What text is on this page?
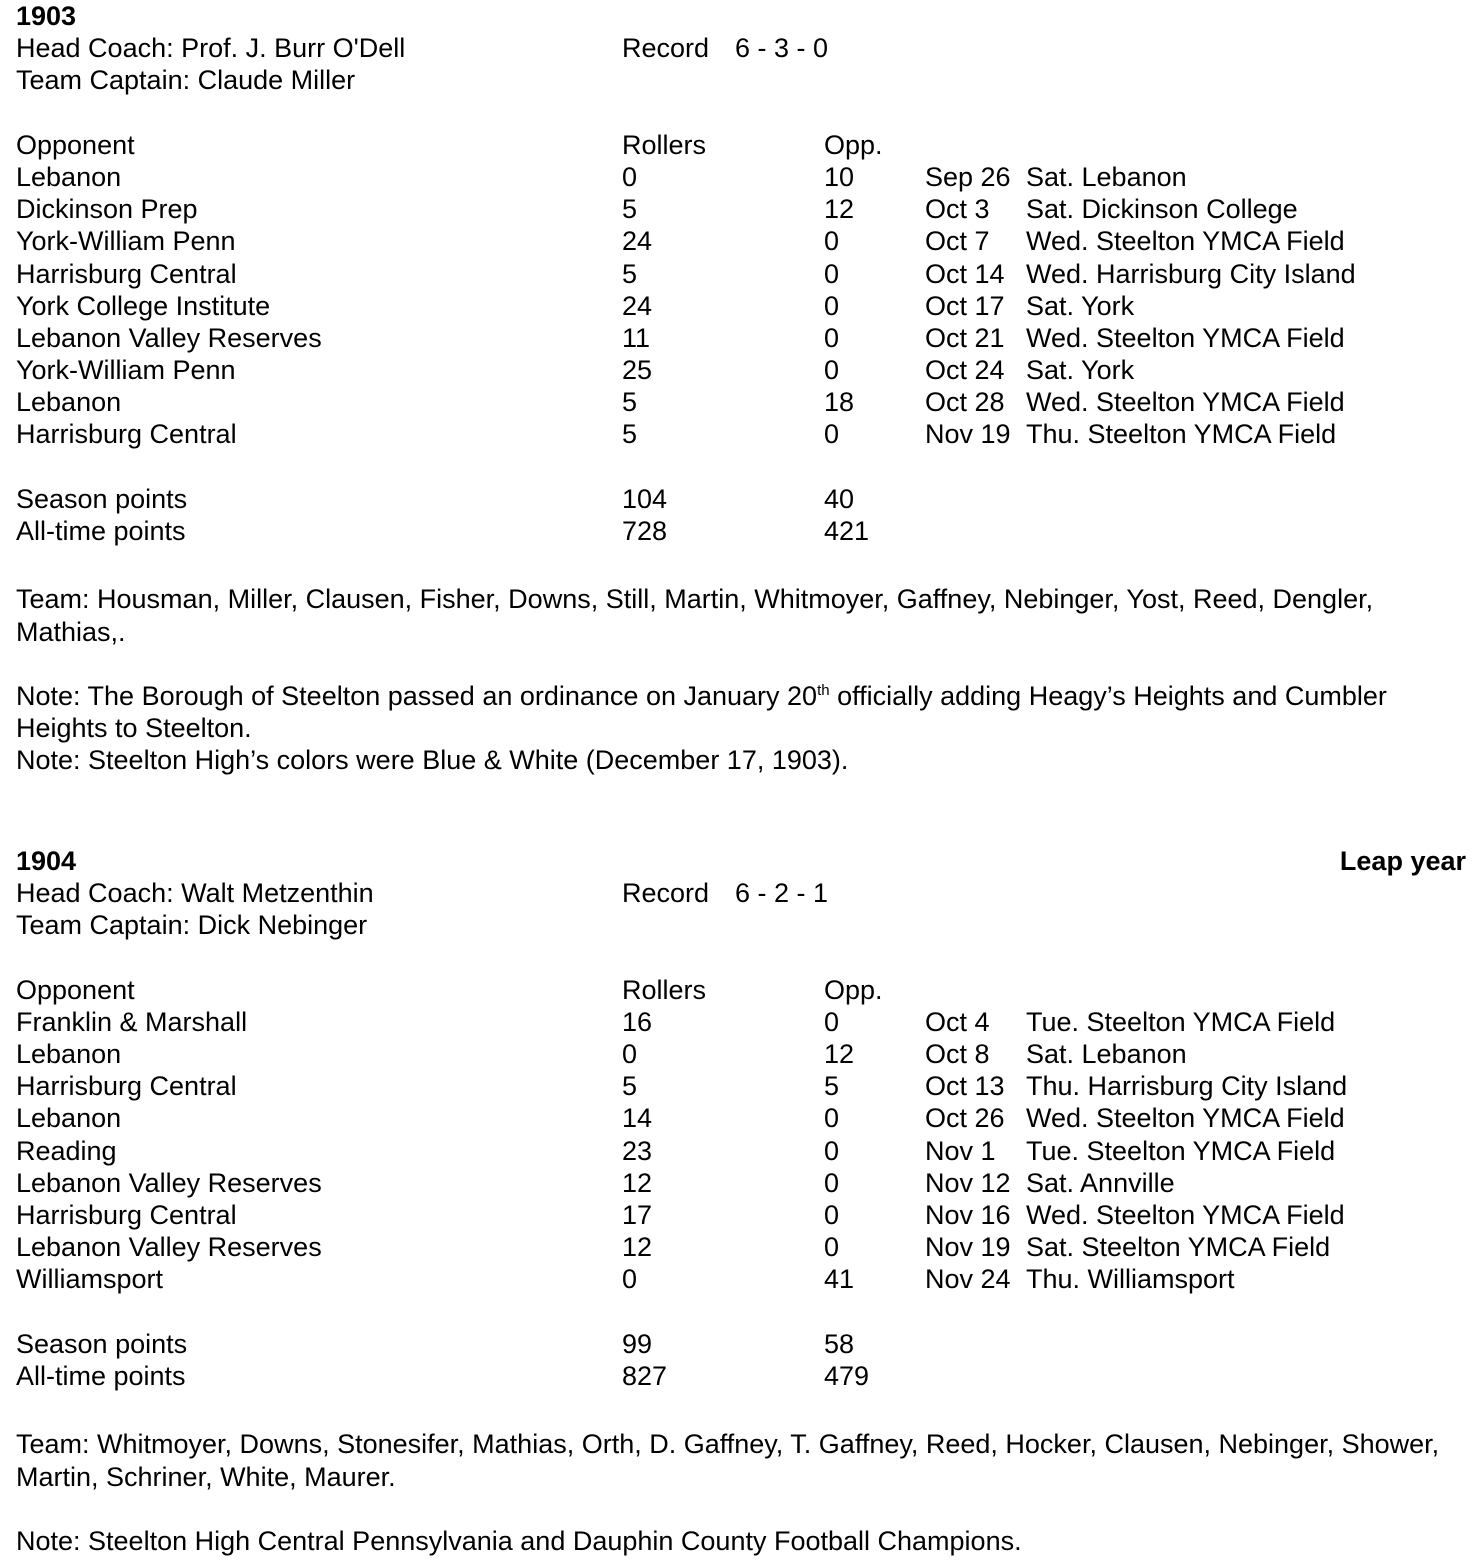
1903
Head Coach: Prof. J. Burr O'Dell	Record 6 - 3 - 0
Team Captain: Claude Miller
Opponent	Rollers	Opp.
Lebanon	0	10	Sep 26 Sat. Lebanon
Dickinson Prep	5	12	Oct 3 Sat. Dickinson College
York-William Penn	24	0	Oct 7 Wed. Steelton YMCA Field
Harrisburg Central	5	0	Oct 14 Wed. Harrisburg City Island
York College Institute	24	0	Oct 17 Sat. York
Lebanon Valley Reserves	11	0	Oct 21 Wed. Steelton YMCA Field
York-William Penn	25	0	Oct 24 Sat. York
Lebanon	5	18	Oct 28 Wed. Steelton YMCA Field
Harrisburg Central	5	0	Nov 19 Thu. Steelton YMCA Field
Season points	104	40
All-time points	728	421
Team: Housman, Miller, Clausen, Fisher, Downs, Still, Martin, Whitmoyer, Gaffney, Nebinger, Yost, Reed, Dengler, Mathias,.
Note: The Borough of Steelton passed an ordinance on January 20th officially adding Heagy’s Heights and Cumbler Heights to Steelton.
Note: Steelton High’s colors were Blue & White (December 17, 1903).
1904	Leap year
Head Coach: Walt Metzenthin	Record 6 - 2 - 1
Team Captain: Dick Nebinger
Opponent	Rollers	Opp.
Franklin & Marshall	16	0	Oct 4 Tue. Steelton YMCA Field
Lebanon	0	12	Oct 8 Sat. Lebanon
Harrisburg Central	5	5	Oct 13 Thu. Harrisburg City Island
Lebanon	14	0	Oct 26 Wed. Steelton YMCA Field
Reading	23	0	Nov 1 Tue. Steelton YMCA Field
Lebanon Valley Reserves	12	0	Nov 12 Sat. Annville
Harrisburg Central	17	0	Nov 16 Wed. Steelton YMCA Field
Lebanon Valley Reserves	12	0	Nov 19 Sat. Steelton YMCA Field
Williamsport	0	41	Nov 24 Thu. Williamsport
Season points	99	58
All-time points	827	479
Team: Whitmoyer, Downs, Stonesifer, Mathias, Orth, D. Gaffney, T. Gaffney, Reed, Hocker, Clausen, Nebinger, Shower, Martin, Schriner, White, Maurer.
Note: Steelton High Central Pennsylvania and Dauphin County Football Champions.
